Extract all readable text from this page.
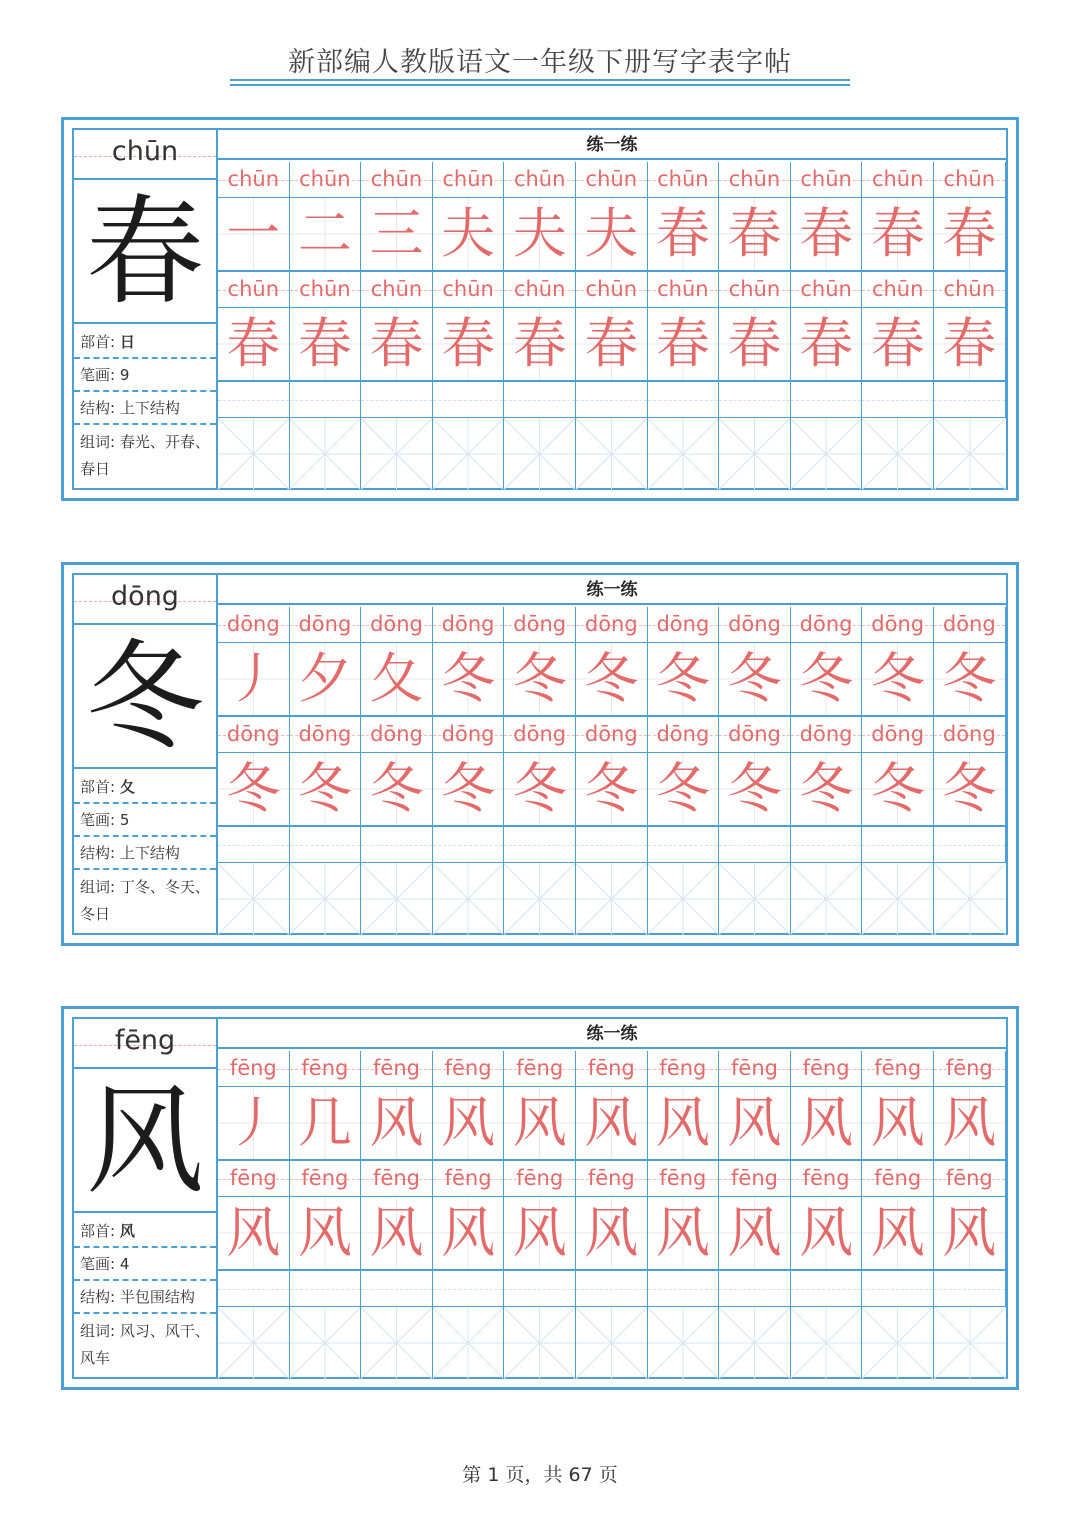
新部编人教版语文一年级下册写字表字帖
chūn
春
部首: 日
笔画: 9
结构: 上下结构
组词: 春光、开春、春日
练一练
chūn chūn chūn chūn chūn chūn chūn chūn chūn chūn chūn
一 二 三 夫 夫 夫 春 春 春 春 春
chūn chūn chūn chūn chūn chūn chūn chūn chūn chūn chūn
春 春 春 春 春 春 春 春 春 春 春
dōng
冬
部首: 夂
笔画: 5
结构: 上下结构
组词: 丁冬、冬天、冬日
练一练
dōng dōng dōng dōng dōng dōng dōng dōng dōng dōng dōng
丿 夕 夂 冬 冬 冬 冬 冬 冬 冬 冬
dōng dōng dōng dōng dōng dōng dōng dōng dōng dōng dōng
冬 冬 冬 冬 冬 冬 冬 冬 冬 冬 冬
fēng
风
部首: 风
笔画: 4
结构: 半包围结构
组词: 风习、风干、风车
练一练
fēng	fēng	fēng	fēng	fēng	fēng	fēng	fēng	fēng	fēng	fēng
丿 几 风 风 风 风 风 风 风 风 风
fēng	fēng	fēng	fēng	fēng	fēng	fēng	fēng	fēng	fēng	fēng
风 风 风 风 风 风 风 风 风 风 风
第 1 页，共 67 页
